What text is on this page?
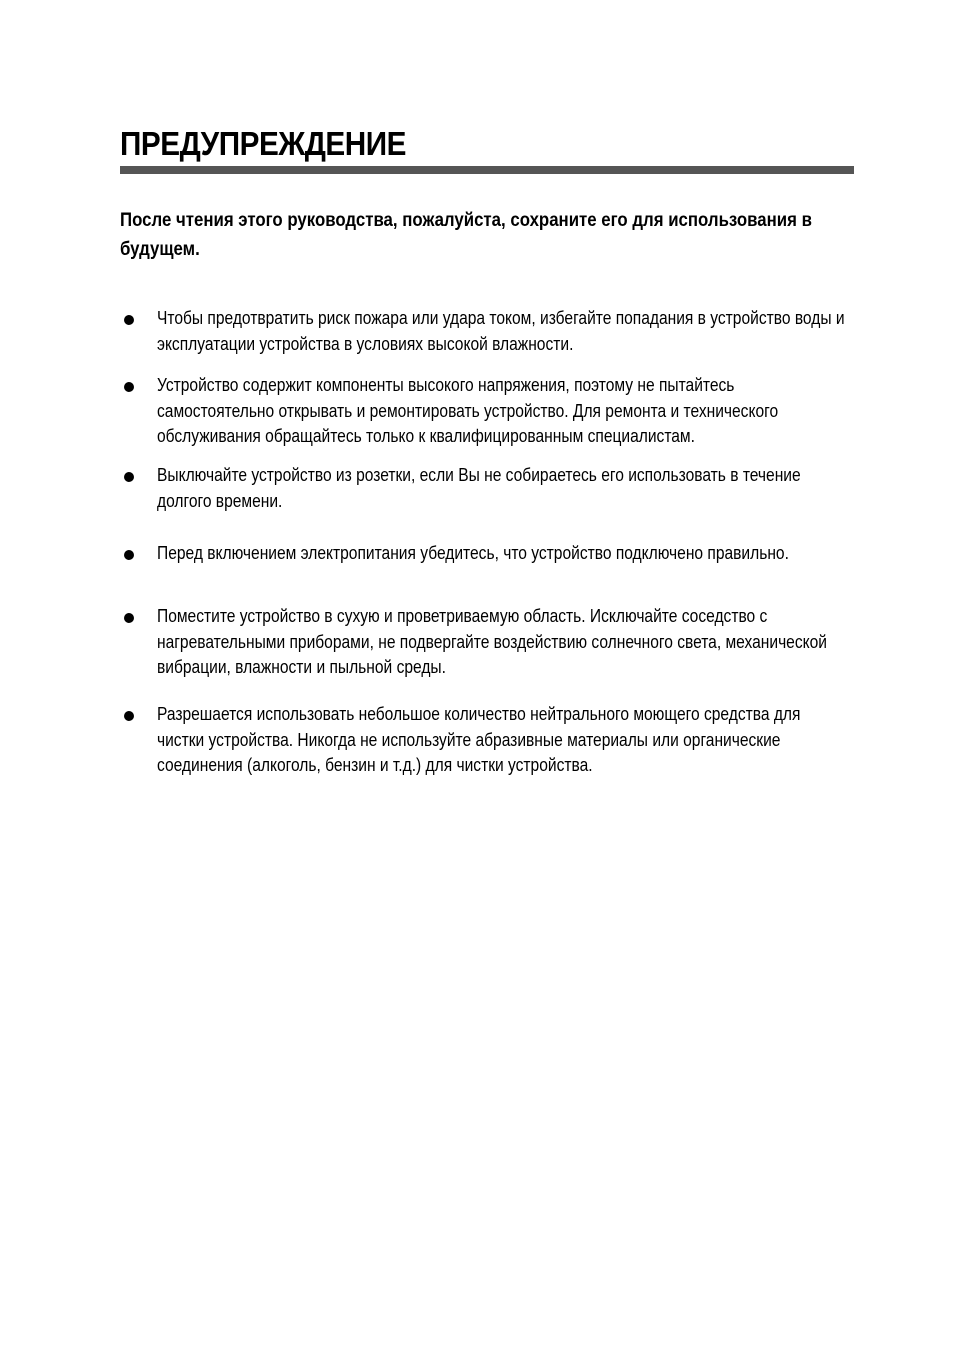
ПРЕДУПРЕЖДЕНИЕ

После чтения этого руководства, пожалуйста, сохраните его для использования в будущем.

Чтобы предотвратить риск пожара или удара током, избегайте попадания в устройство воды и эксплуатации устройства в условиях высокой влажности.

Устройство содержит компоненты высокого напряжения, поэтому не пытайтесь самостоятельно открывать и ремонтировать устройство. Для ремонта и технического обслуживания обращайтесь только к квалифицированным специалистам.

Выключайте устройство из розетки, если Вы не собираетесь его использовать в течение долгого времени.

Перед включением электропитания убедитесь, что устройство подключено правильно.

Поместите устройство в сухую и проветриваемую область. Исключайте соседство с нагревательными приборами, не подвергайте воздействию солнечного света, механической вибрации, влажности и пыльной среды.

Разрешается использовать небольшое количество нейтрального моющего средства для чистки устройства. Никогда не используйте абразивные материалы или органические соединения (алкоголь, бензин и т.д.) для чистки устройства.
